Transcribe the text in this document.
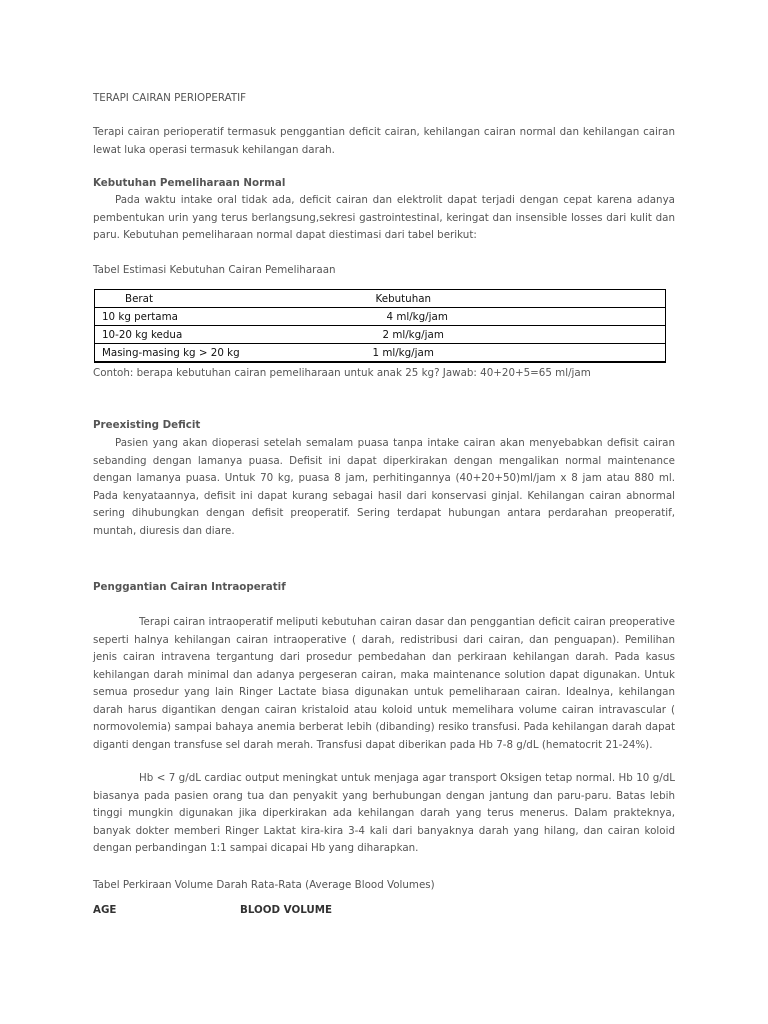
TERAPI CAIRAN PERIOPERATIF

Terapi cairan perioperatif termasuk penggantian deficit cairan, kehilangan cairan normal dan kehilangan cairan lewat luka operasi termasuk kehilangan darah.

Kebutuhan Pemeliharaan Normal

Pada waktu intake oral tidak ada, deficit cairan dan elektrolit dapat terjadi dengan cepat karena adanya pembentukan urin yang terus berlangsung,sekresi gastrointestinal, keringat dan insensible losses dari kulit dan paru. Kebutuhan pemeliharaan normal dapat diestimasi dari tabel berikut:

Tabel Estimasi Kebutuhan Cairan Pemeliharaan

Berat	Kebutuhan
10 kg pertama	4 ml/kg/jam
10-20 kg kedua	2 ml/kg/jam
Masing-masing kg > 20 kg	1 ml/kg/jam

Contoh: berapa kebutuhan cairan pemeliharaan untuk anak 25 kg? Jawab: 40+20+5=65 ml/jam

Preexisting Deficit

Pasien yang akan dioperasi setelah semalam puasa tanpa intake cairan akan menyebabkan defisit cairan sebanding dengan lamanya puasa. Defisit ini dapat diperkirakan dengan mengalikan normal maintenance dengan lamanya puasa. Untuk 70 kg, puasa 8 jam, perhitingannya (40+20+50)ml/jam x 8 jam atau 880 ml. Pada kenyataannya, defisit ini dapat kurang sebagai hasil dari konservasi ginjal. Kehilangan cairan abnormal sering dihubungkan dengan defisit preoperatif. Sering terdapat hubungan antara perdarahan preoperatif, muntah, diuresis dan diare.

Penggantian Cairan Intraoperatif

Terapi cairan intraoperatif meliputi kebutuhan cairan dasar dan penggantian deficit cairan preoperative seperti halnya kehilangan cairan intraoperative ( darah, redistribusi dari cairan, dan penguapan). Pemilihan jenis cairan intravena tergantung dari prosedur pembedahan dan perkiraan kehilangan darah. Pada kasus kehilangan darah minimal dan adanya pergeseran cairan, maka maintenance solution dapat digunakan. Untuk semua prosedur yang lain Ringer Lactate biasa digunakan untuk pemeliharaan cairan. Idealnya, kehilangan darah harus digantikan dengan cairan kristaloid atau koloid untuk memelihara volume cairan intravascular ( normovolemia) sampai bahaya anemia berberat lebih (dibanding) resiko transfusi. Pada kehilangan darah dapat diganti dengan transfuse sel darah merah. Transfusi dapat diberikan pada Hb 7-8 g/dL (hematocrit 21-24%).

Hb < 7 g/dL cardiac output meningkat untuk menjaga agar transport Oksigen tetap normal. Hb 10 g/dL biasanya pada pasien orang tua dan penyakit yang berhubungan dengan jantung dan paru-paru. Batas lebih tinggi mungkin digunakan jika diperkirakan ada kehilangan darah yang terus menerus. Dalam prakteknya, banyak dokter memberi Ringer Laktat kira-kira 3-4 kali dari banyaknya darah yang hilang, dan cairan koloid dengan perbandingan 1:1 sampai dicapai Hb yang diharapkan.

Tabel Perkiraan Volume Darah Rata-Rata (Average Blood Volumes)

AGE	BLOOD VOLUME
